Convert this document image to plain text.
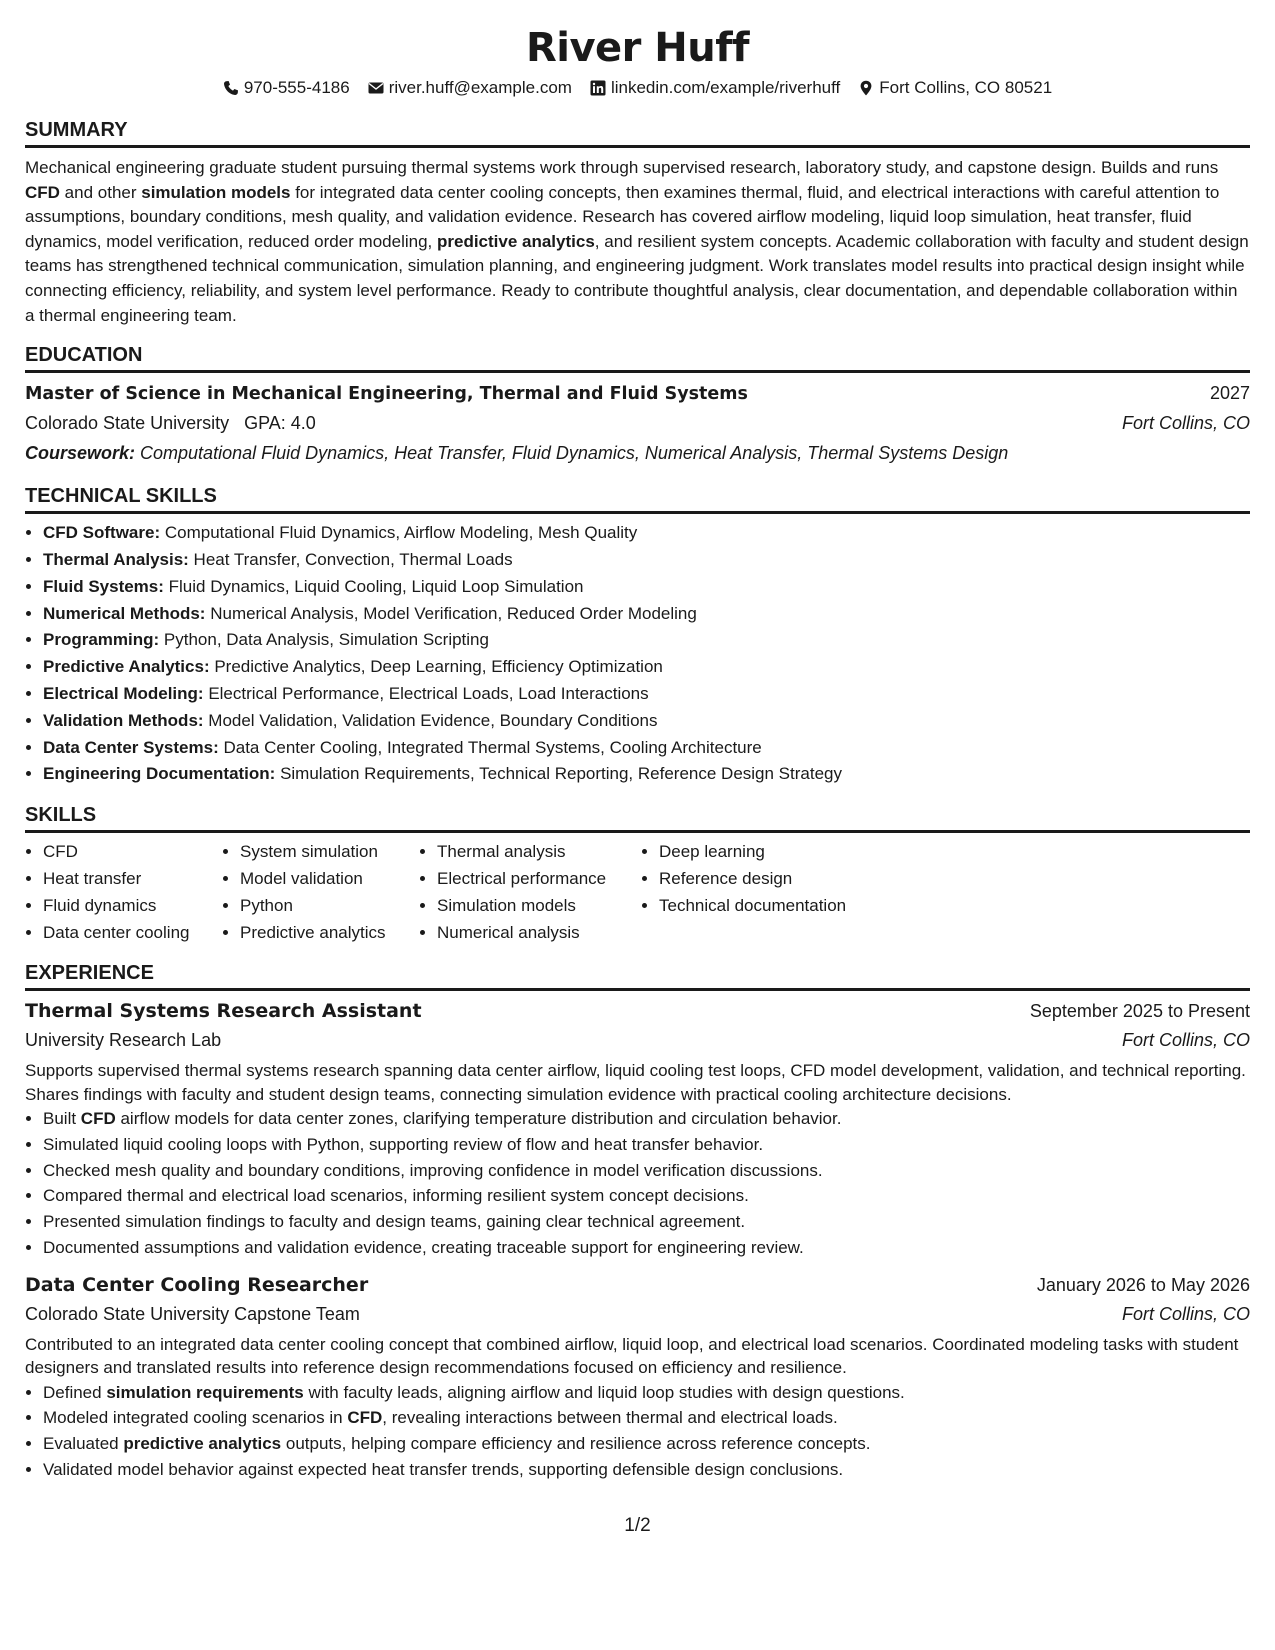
River Huff
970-555-4186 river.huff@example.com linkedin.com/example/riverhuff Fort Collins, CO 80521
SUMMARY

Mechanical engineering graduate student pursuing thermal systems work through supervised research, laboratory study, and capstone design. Builds and runs CFD and other simulation models for integrated data center cooling concepts, then examines thermal, fluid, and electrical interactions with careful attention to assumptions, boundary conditions, mesh quality, and validation evidence. Research has covered airflow modeling, liquid loop simulation, heat transfer, fluid dynamics, model verification, reduced order modeling, predictive analytics, and resilient system concepts. Academic collaboration with faculty and student design teams has strengthened technical communication, simulation planning, and engineering judgment. Work translates model results into practical design insight while connecting efficiency, reliability, and system level performance. Ready to contribute thoughtful analysis, clear documentation, and dependable collaboration within a thermal engineering team.

EDUCATION
Master of Science in Mechanical Engineering, Thermal and Fluid Systems	2027
Colorado State University GPA: 4.0	Fort Collins, CO
Coursework: Computational Fluid Dynamics, Heat Transfer, Fluid Dynamics, Numerical Analysis, Thermal Systems Design
TECHNICAL SKILLS
• CFD Software: Computational Fluid Dynamics, Airflow Modeling, Mesh Quality
• Thermal Analysis: Heat Transfer, Convection, Thermal Loads
• Fluid Systems: Fluid Dynamics, Liquid Cooling, Liquid Loop Simulation
• Numerical Methods: Numerical Analysis, Model Verification, Reduced Order Modeling
• Programming: Python, Data Analysis, Simulation Scripting
• Predictive Analytics: Predictive Analytics, Deep Learning, Efficiency Optimization
• Electrical Modeling: Electrical Performance, Electrical Loads, Load Interactions
• Validation Methods: Model Validation, Validation Evidence, Boundary Conditions
• Data Center Systems: Data Center Cooling, Integrated Thermal Systems, Cooling Architecture
• Engineering Documentation: Simulation Requirements, Technical Reporting, Reference Design Strategy
SKILLS
• CFD
• Heat transfer
• Fluid dynamics
• Data center cooling
• System simulation
• Model validation
• Python
• Predictive analytics
• Thermal analysis
• Electrical performance
• Simulation models
• Numerical analysis
• Deep learning
• Reference design
• Technical documentation
EXPERIENCE
Thermal Systems Research Assistant	September 2025 to Present
University Research Lab	Fort Collins, CO

Supports supervised thermal systems research spanning data center airflow, liquid cooling test loops, CFD model development, validation, and technical reporting. Shares findings with faculty and student design teams, connecting simulation evidence with practical cooling architecture decisions.

• Built CFD airflow models for data center zones, clarifying temperature distribution and circulation behavior.
• Simulated liquid cooling loops with Python, supporting review of flow and heat transfer behavior.
• Checked mesh quality and boundary conditions, improving confidence in model verification discussions.
• Compared thermal and electrical load scenarios, informing resilient system concept decisions.
• Presented simulation findings to faculty and design teams, gaining clear technical agreement.
• Documented assumptions and validation evidence, creating traceable support for engineering review.
Data Center Cooling Researcher	January 2026 to May 2026
Colorado State University Capstone Team	Fort Collins, CO

Contributed to an integrated data center cooling concept that combined airflow, liquid loop, and electrical load scenarios. Coordinated modeling tasks with student designers and translated results into reference design recommendations focused on efficiency and resilience.

• Defined simulation requirements with faculty leads, aligning airflow and liquid loop studies with design questions.
• Modeled integrated cooling scenarios in CFD, revealing interactions between thermal and electrical loads.
• Evaluated predictive analytics outputs, helping compare efficiency and resilience across reference concepts.
• Validated model behavior against expected heat transfer trends, supporting defensible design conclusions.
1/2
